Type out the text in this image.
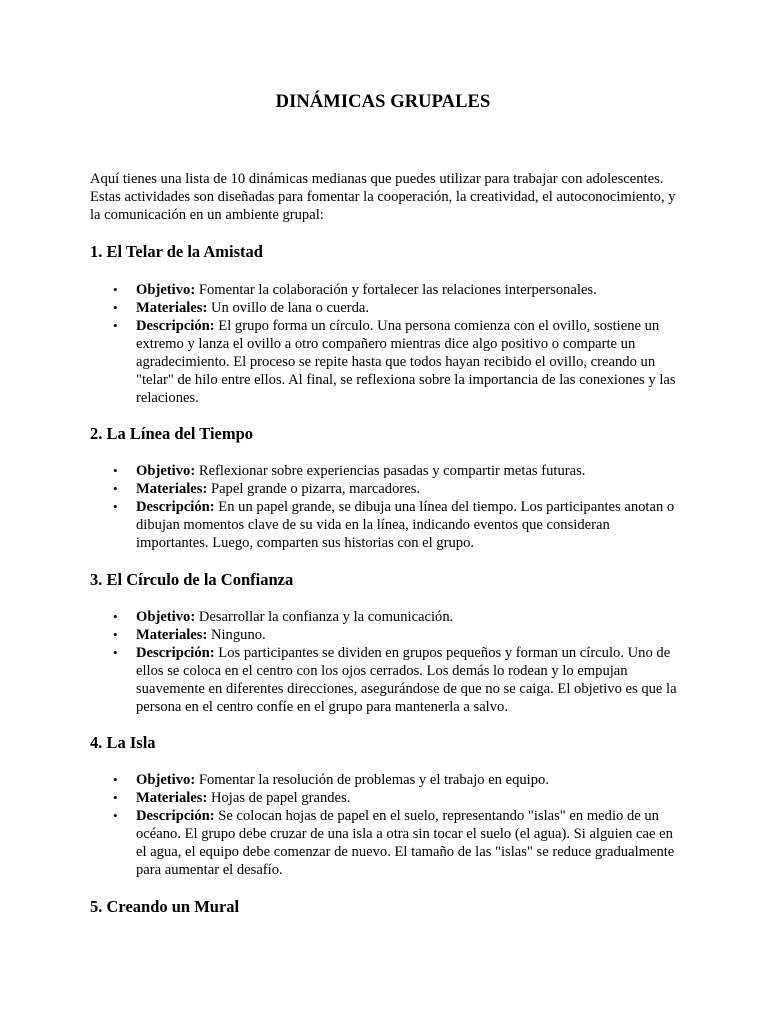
DINÁMICAS GRUPALES

Aquí tienes una lista de 10 dinámicas medianas que puedes utilizar para trabajar con adolescentes. Estas actividades son diseñadas para fomentar la cooperación, la creatividad, el autoconocimiento, y la comunicación en un ambiente grupal:

1. El Telar de la Amistad
• Objetivo: Fomentar la colaboración y fortalecer las relaciones interpersonales.
• Materiales: Un ovillo de lana o cuerda.
• Descripción: El grupo forma un círculo. Una persona comienza con el ovillo, sostiene un extremo y lanza el ovillo a otro compañero mientras dice algo positivo o comparte un agradecimiento. El proceso se repite hasta que todos hayan recibido el ovillo, creando un "telar" de hilo entre ellos. Al final, se reflexiona sobre la importancia de las conexiones y las relaciones.
2. La Línea del Tiempo
• Objetivo: Reflexionar sobre experiencias pasadas y compartir metas futuras.
• Materiales: Papel grande o pizarra, marcadores.
• Descripción: En un papel grande, se dibuja una línea del tiempo. Los participantes anotan o dibujan momentos clave de su vida en la línea, indicando eventos que consideran importantes. Luego, comparten sus historias con el grupo.
3. El Círculo de la Confianza
• Objetivo: Desarrollar la confianza y la comunicación.
• Materiales: Ninguno.
• Descripción: Los participantes se dividen en grupos pequeños y forman un círculo. Uno de ellos se coloca en el centro con los ojos cerrados. Los demás lo rodean y lo empujan suavemente en diferentes direcciones, asegurándose de que no se caiga. El objetivo es que la persona en el centro confíe en el grupo para mantenerla a salvo.
4. La Isla
• Objetivo: Fomentar la resolución de problemas y el trabajo en equipo.
• Materiales: Hojas de papel grandes.
• Descripción: Se colocan hojas de papel en el suelo, representando "islas" en medio de un océano. El grupo debe cruzar de una isla a otra sin tocar el suelo (el agua). Si alguien cae en el agua, el equipo debe comenzar de nuevo. El tamaño de las "islas" se reduce gradualmente para aumentar el desafío.
5. Creando un Mural
